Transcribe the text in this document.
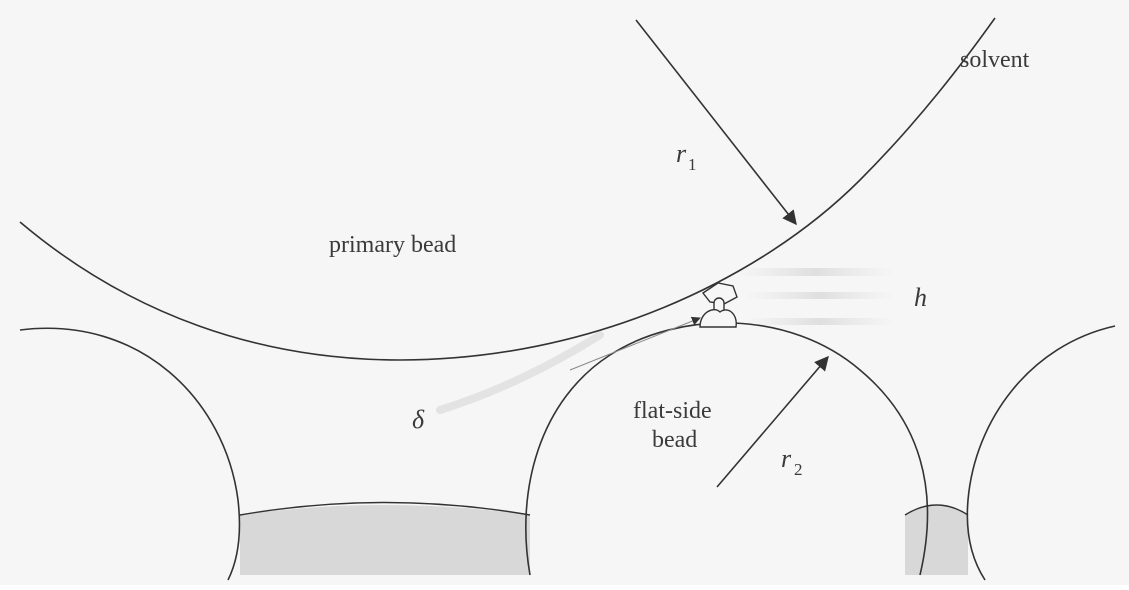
solvent
primary bead
flat-side
bead
r 1
r 2
h
δ
